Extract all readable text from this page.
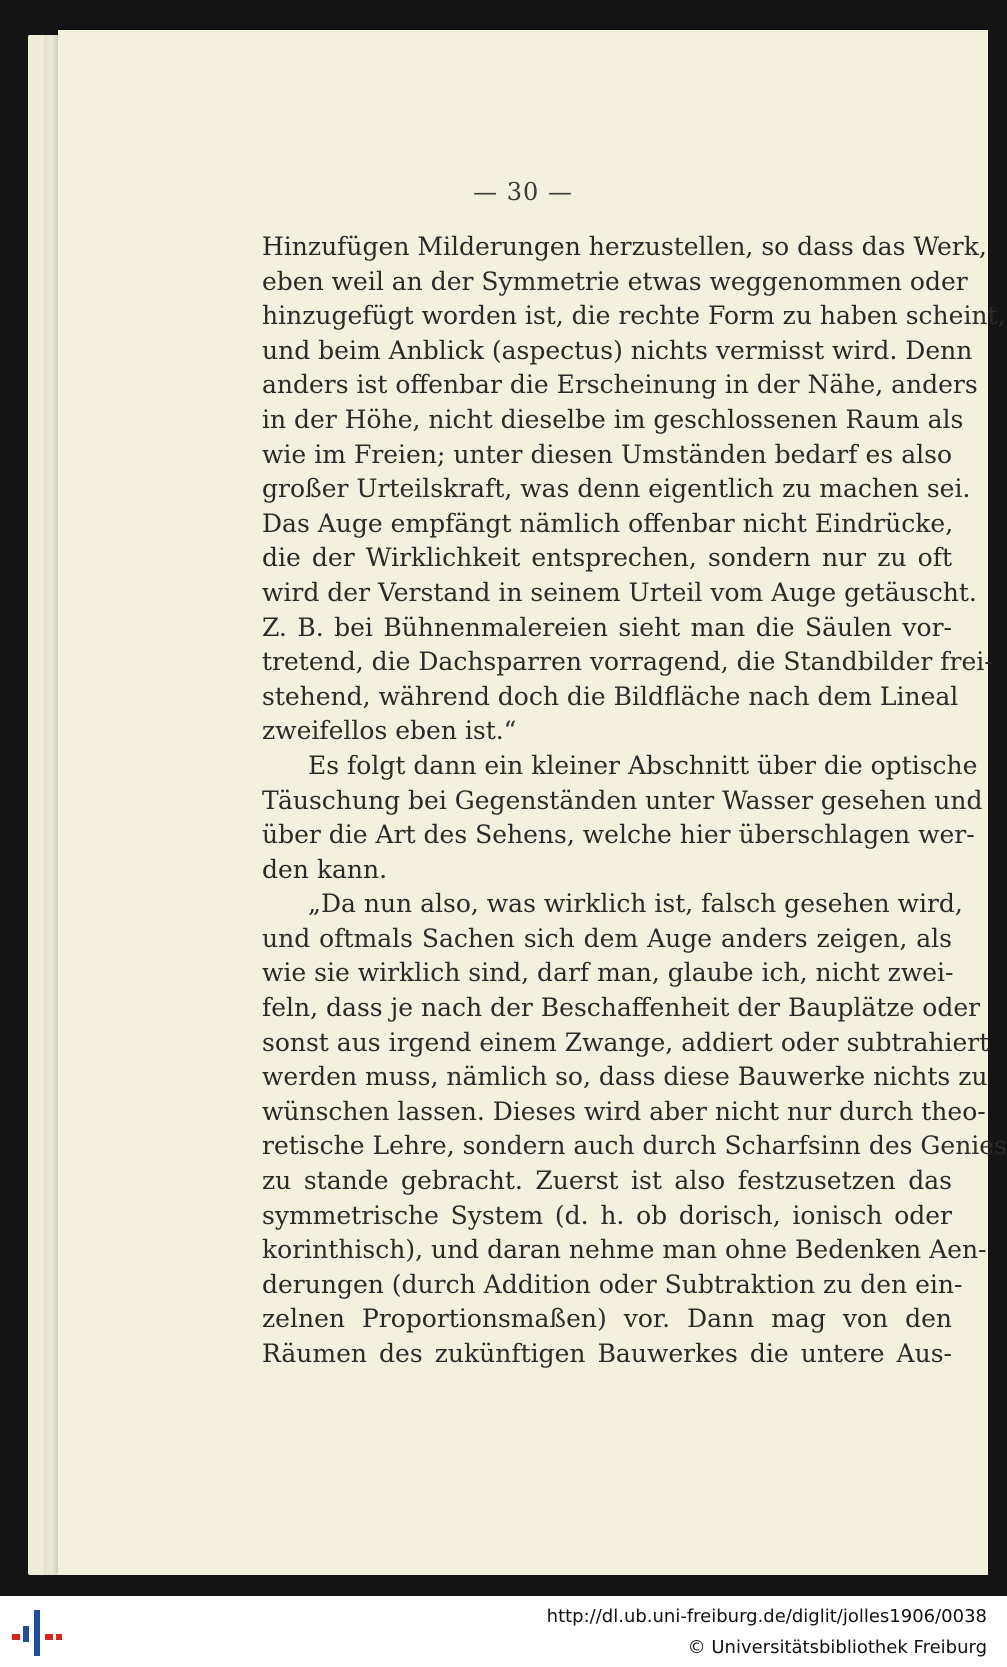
— 30 —
Hinzufügen Milderungen herzustellen, so dass das Werk,
eben weil an der Symmetrie etwas weggenommen oder
hinzugefügt worden ist, die rechte Form zu haben scheint,
und beim Anblick (aspectus) nichts vermisst wird. Denn
anders ist offenbar die Erscheinung in der Nähe, anders
in der Höhe, nicht dieselbe im geschlossenen Raum als
wie im Freien; unter diesen Umständen bedarf es also
großer Urteilskraft, was denn eigentlich zu machen sei.
Das Auge empfängt nämlich offenbar nicht Eindrücke,
die der Wirklichkeit entsprechen, sondern nur zu oft
wird der Verstand in seinem Urteil vom Auge getäuscht.
Z. B. bei Bühnenmalereien sieht man die Säulen vor-
tretend, die Dachsparren vorragend, die Standbilder frei-
stehend, während doch die Bildfläche nach dem Lineal
zweifellos eben ist.“
Es folgt dann ein kleiner Abschnitt über die optische
Täuschung bei Gegenständen unter Wasser gesehen und
über die Art des Sehens, welche hier überschlagen wer-
den kann.
„Da nun also, was wirklich ist, falsch gesehen wird,
und oftmals Sachen sich dem Auge anders zeigen, als
wie sie wirklich sind, darf man, glaube ich, nicht zwei-
feln, dass je nach der Beschaffenheit der Bauplätze oder
sonst aus irgend einem Zwange, addiert oder subtrahiert
werden muss, nämlich so, dass diese Bauwerke nichts zu
wünschen lassen. Dieses wird aber nicht nur durch theo-
retische Lehre, sondern auch durch Scharfsinn des Genies
zu stande gebracht. Zuerst ist also festzusetzen das
symmetrische System (d. h. ob dorisch, ionisch oder
korinthisch), und daran nehme man ohne Bedenken Aen-
derungen (durch Addition oder Subtraktion zu den ein-
zelnen Proportionsmaßen) vor. Dann mag von den
Räumen des zukünftigen Bauwerkes die untere Aus-
http://dl.ub.uni-freiburg.de/diglit/jolles1906/0038
© Universitätsbibliothek Freiburg
